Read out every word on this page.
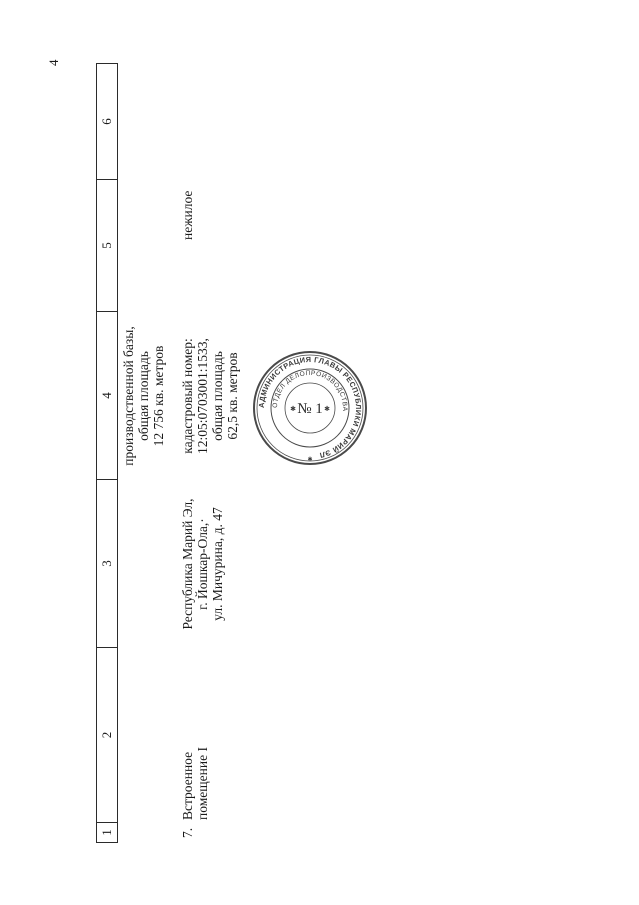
4
1
2
3
4
5
6
производственной базы, общая площадь 12 756 кв. метров
7.
Встроенное помещение I
Республика Марий Эл, г. Йошкар-Ола,· ул. Мичурина, д. 47
кадастровый номер: 12:05:0703001:1533, общая площадь 62,5 кв. метров
нежилое
АДМИНИСТРАЦИЯ ГЛАВЫ РЕСПУБЛИКИ МАРИЙ ЭЛ
ОТДЕЛ ДЕЛОПРОИЗВОДСТВА
№ 1
✱	✱
✱
